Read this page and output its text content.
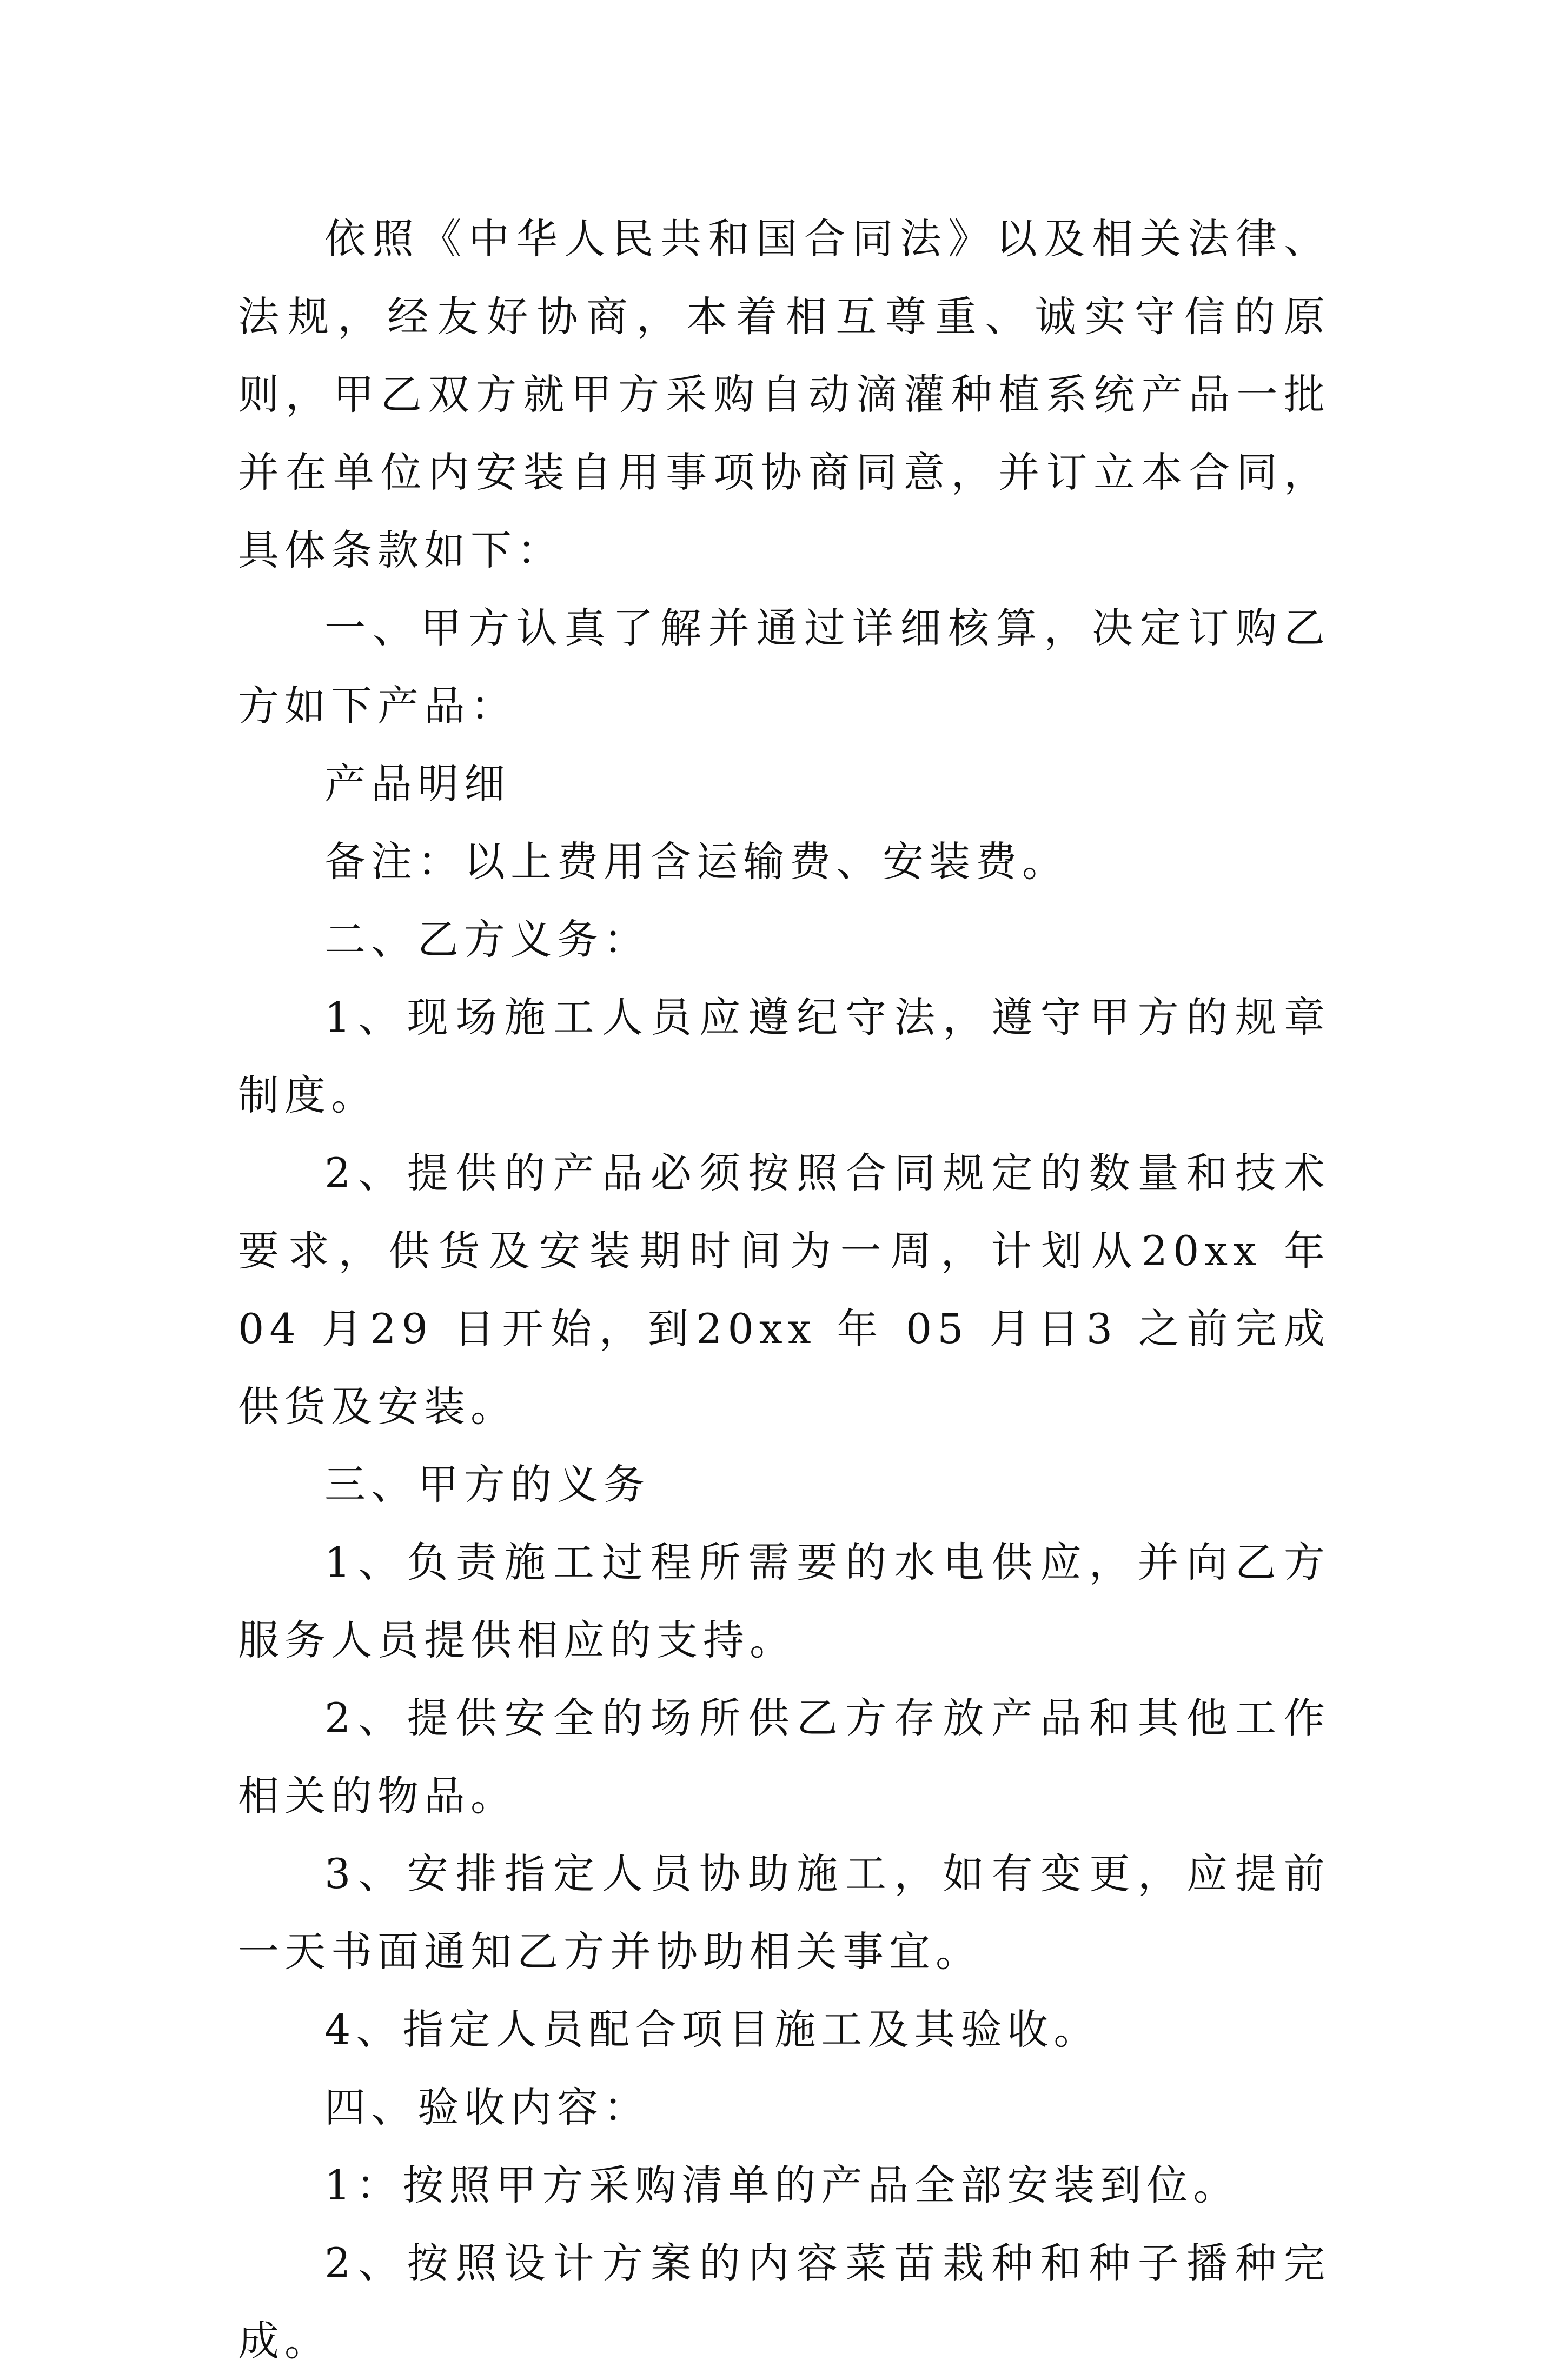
依照《中华人民共和国合同法》以及相关法律、法规，经友好协商，本着相互尊重、诚实守信的原则，甲乙双方就甲方采购自动滴灌种植系统产品一批并在单位内安装自用事项协商同意，并订立本合同，具体条款如下：

一、甲方认真了解并通过详细核算，决定订购乙方如下产品：

产品明细

备注：以上费用含运输费、安装费。

二、乙方义务：

1、现场施工人员应遵纪守法，遵守甲方的规章制度。

2、提供的产品必须按照合同规定的数量和技术要求，供货及安装期时间为一周，计划从20xx 年 04 月29 日开始，到20xx 年 05 月日3 之前完成供货及安装。

三、甲方的义务

1、负责施工过程所需要的水电供应，并向乙方服务人员提供相应的支持。

2、提供安全的场所供乙方存放产品和其他工作相关的物品。

3、安排指定人员协助施工，如有变更，应提前一天书面通知乙方并协助相关事宜。

4、指定人员配合项目施工及其验收。

四、验收内容：

1：按照甲方采购清单的产品全部安装到位。

2、按照设计方案的内容菜苗栽种和种子播种完成。
